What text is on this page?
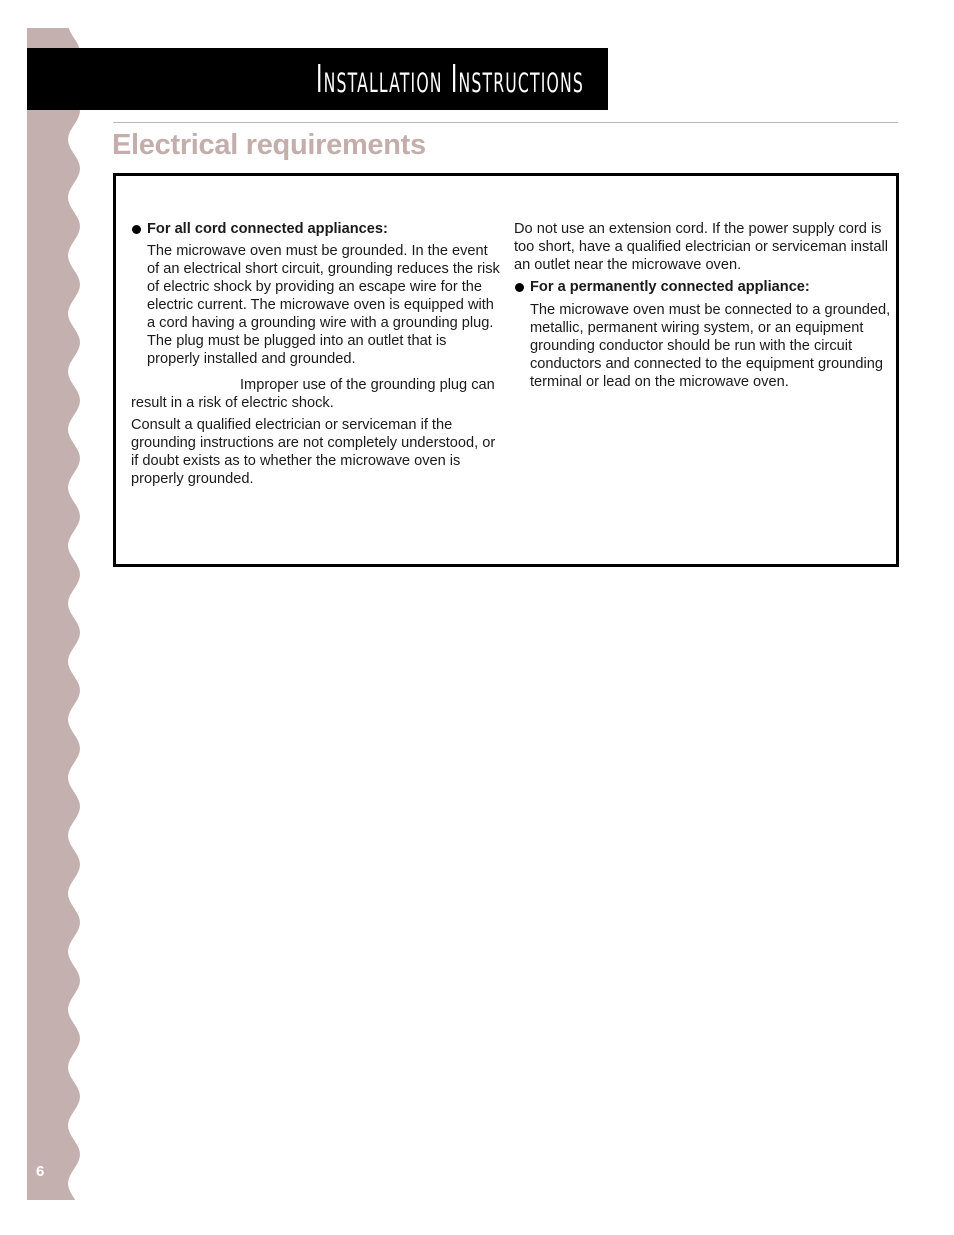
6
Installation Instructions
Electrical requirements

For all cord connected appliances:

The microwave oven must be grounded. In the event of an electrical short circuit, grounding reduces the risk of electric shock by providing an escape wire for the electric current. The microwave oven is equipped with a cord having a grounding wire with a grounding plug. The plug must be plugged into an outlet that is properly installed and grounded.

Improper use of the grounding plug can result in a risk of electric shock.

Consult a qualified electrician or serviceman if the grounding instructions are not completely understood, or if doubt exists as to whether the microwave oven is properly grounded.

Do not use an extension cord. If the power supply cord is too short, have a qualified electrician or serviceman install an outlet near the microwave oven.

For a permanently connected appliance:

The microwave oven must be connected to a grounded, metallic, permanent wiring system, or an equipment grounding conductor should be run with the circuit conductors and connected to the equipment grounding terminal or lead on the microwave oven.
